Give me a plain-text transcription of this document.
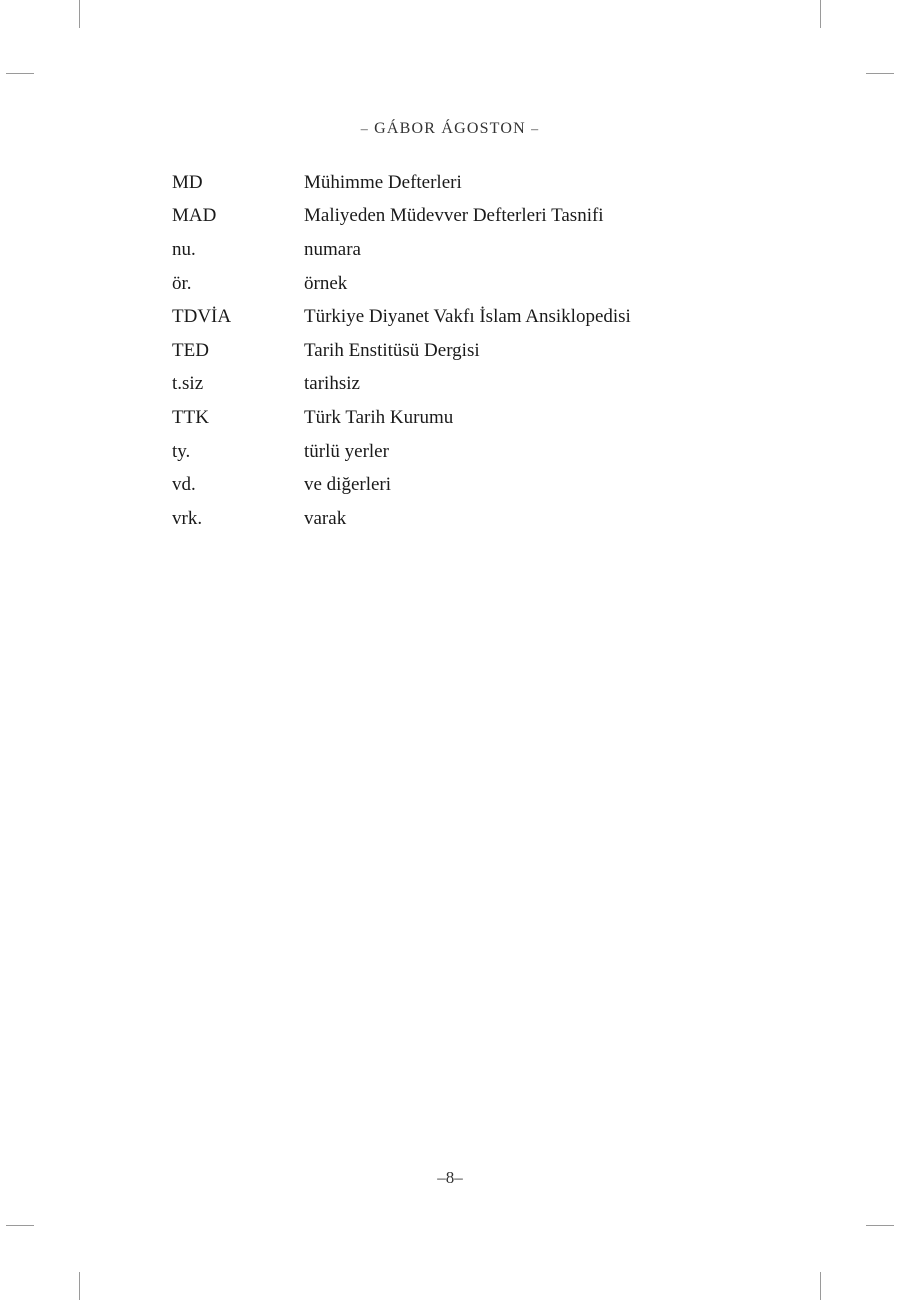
– GÁBOR ÁGOSTON –
MD	Mühimme Defterleri
MAD	Maliyeden Müdevver Defterleri Tasnifi
nu.	numara
ör.	örnek
TDVİA	Türkiye Diyanet Vakfı İslam Ansiklopedisi
TED	Tarih Enstitüsü Dergisi
t.siz	tarihsiz
TTK	Türk Tarih Kurumu
ty.	türlü yerler
vd.	ve diğerleri
vrk.	varak
–8–
